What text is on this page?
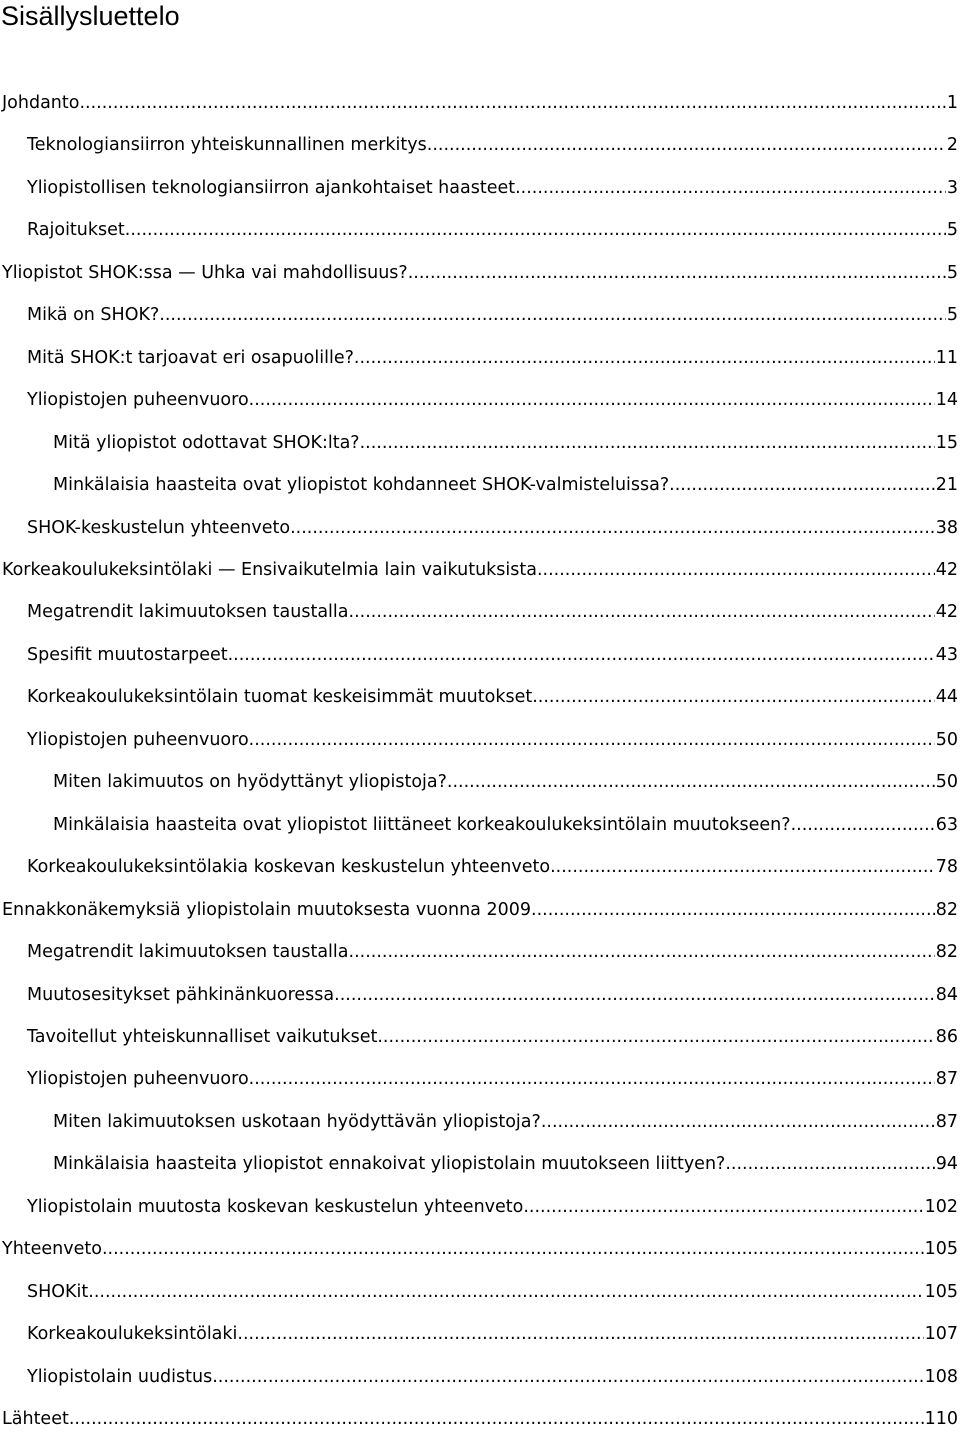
Sisällysluettelo
Johdanto .....	1
Teknologiansiirron yhteiskunnallinen merkitys .....	2
Yliopistollisen teknologiansiirron ajankohtaiset haasteet .....	3
Rajoitukset .....	5
Yliopistot SHOK:ssa — Uhka vai mahdollisuus? .....	5
Mikä on SHOK? .....	5
Mitä SHOK:t tarjoavat eri osapuolille? .....	11
Yliopistojen puheenvuoro .....	14
Mitä yliopistot odottavat SHOK:lta? .....	15
Minkälaisia haasteita ovat yliopistot kohdanneet SHOK-valmisteluissa? .....	21
SHOK-keskustelun yhteenveto .....	38
Korkeakoulukeksintölaki — Ensivaikutelmia lain vaikutuksista .....	42
Megatrendit lakimuutoksen taustalla .....	42
Spesifit muutostarpeet .....	43
Korkeakoulukeksintölain tuomat keskeisimmät muutokset .....	44
Yliopistojen puheenvuoro .....	50
Miten lakimuutos on hyödyttänyt yliopistoja? .....	50
Minkälaisia haasteita ovat yliopistot liittäneet korkeakoulukeksintölain muutokseen? .....	63
Korkeakoulukeksintölakia koskevan keskustelun yhteenveto .....	78
Ennakkonäkemyksiä yliopistolain muutoksesta vuonna 2009 .....	82
Megatrendit lakimuutoksen taustalla .....	82
Muutosesitykset pähkinänkuoressa .....	84
Tavoitellut yhteiskunnalliset vaikutukset .....	86
Yliopistojen puheenvuoro .....	87
Miten lakimuutoksen uskotaan hyödyttävän yliopistoja? .....	87
Minkälaisia haasteita yliopistot ennakoivat yliopistolain muutokseen liittyen? .....	94
Yliopistolain muutosta koskevan keskustelun yhteenveto .....	102
Yhteenveto .....	105
SHOKit .....	105
Korkeakoulukeksintölaki .....	107
Yliopistolain uudistus .....	108
Lähteet .....	110
